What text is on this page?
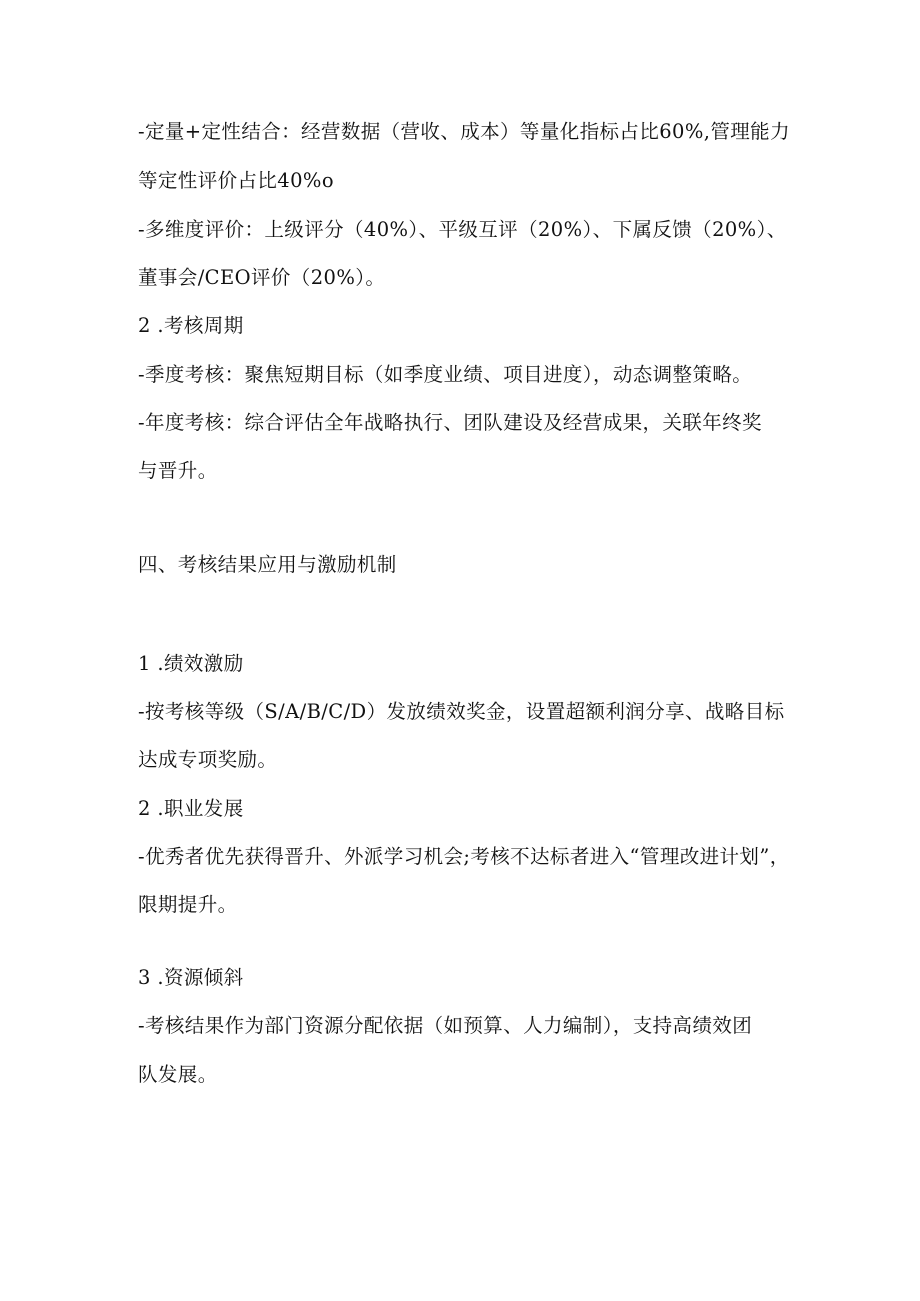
-定量+定性结合：经营数据（营收、成本）等量化指标占比60%,管理能力
等定性评价占比40%o
-多维度评价：上级评分（40%）、平级互评（20%）、下属反馈（20%）、
董事会/CEO评价（20%）。
2 .考核周期
-季度考核：聚焦短期目标（如季度业绩、项目进度），动态调整策略。
-年度考核：综合评估全年战略执行、团队建设及经营成果，关联年终奖
与晋升。
四、考核结果应用与激励机制
1 .绩效激励
-按考核等级（S/A/B/C/D）发放绩效奖金，设置超额利润分享、战略目标
达成专项奖励。
2 .职业发展
-优秀者优先获得晋升、外派学习机会;考核不达标者进入“管理改进计划”，
限期提升。
3 .资源倾斜
-考核结果作为部门资源分配依据（如预算、人力编制），支持高绩效团
队发展。
